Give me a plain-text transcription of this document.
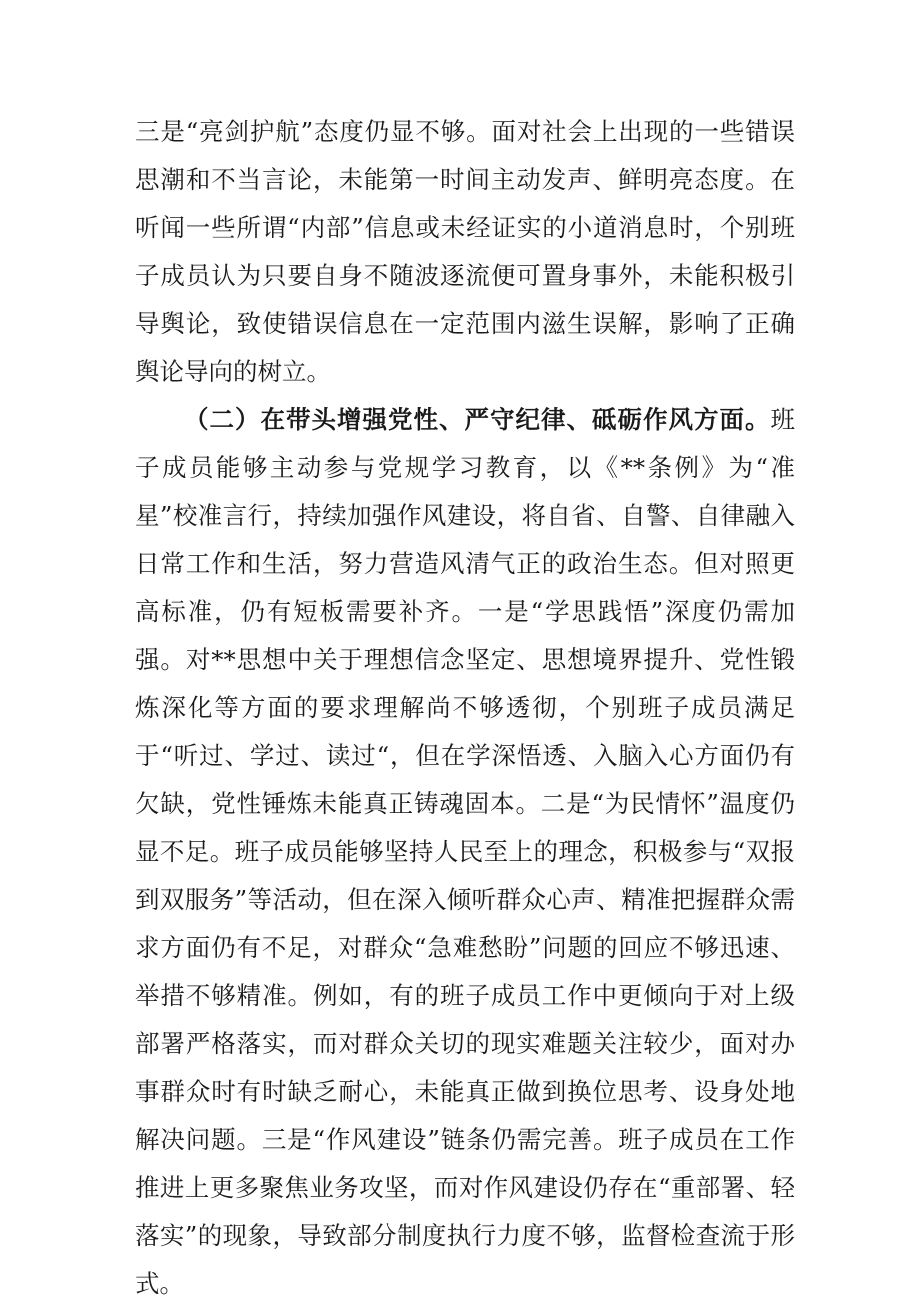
三是“亮剑护航”态度仍显不够。面对社会上出现的一些错误思潮和不当言论，未能第一时间主动发声、鲜明亮态度。在听闻一些所谓“内部”信息或未经证实的小道消息时，个别班子成员认为只要自身不随波逐流便可置身事外，未能积极引导舆论，致使错误信息在一定范围内滋生误解，影响了正确舆论导向的树立。

（二）在带头增强党性、严守纪律、砥砺作风方面。班子成员能够主动参与党规学习教育，以《**条例》为“准星”校准言行，持续加强作风建设，将自省、自警、自律融入日常工作和生活，努力营造风清气正的政治生态。但对照更高标准，仍有短板需要补齐。一是“学思践悟”深度仍需加强。对**思想中关于理想信念坚定、思想境界提升、党性锻炼深化等方面的要求理解尚不够透彻，个别班子成员满足于“听过、学过、读过“，但在学深悟透、入脑入心方面仍有欠缺，党性锤炼未能真正铸魂固本。二是“为民情怀”温度仍显不足。班子成员能够坚持人民至上的理念，积极参与“双报到双服务”等活动，但在深入倾听群众心声、精准把握群众需求方面仍有不足，对群众“急难愁盼”问题的回应不够迅速、举措不够精准。例如，有的班子成员工作中更倾向于对上级部署严格落实，而对群众关切的现实难题关注较少，面对办事群众时有时缺乏耐心，未能真正做到换位思考、设身处地解决问题。三是“作风建设”链条仍需完善。班子成员在工作推进上更多聚焦业务攻坚，而对作风建设仍存在“重部署、轻落实”的现象，导致部分制度执行力度不够，监督检查流于形式。
